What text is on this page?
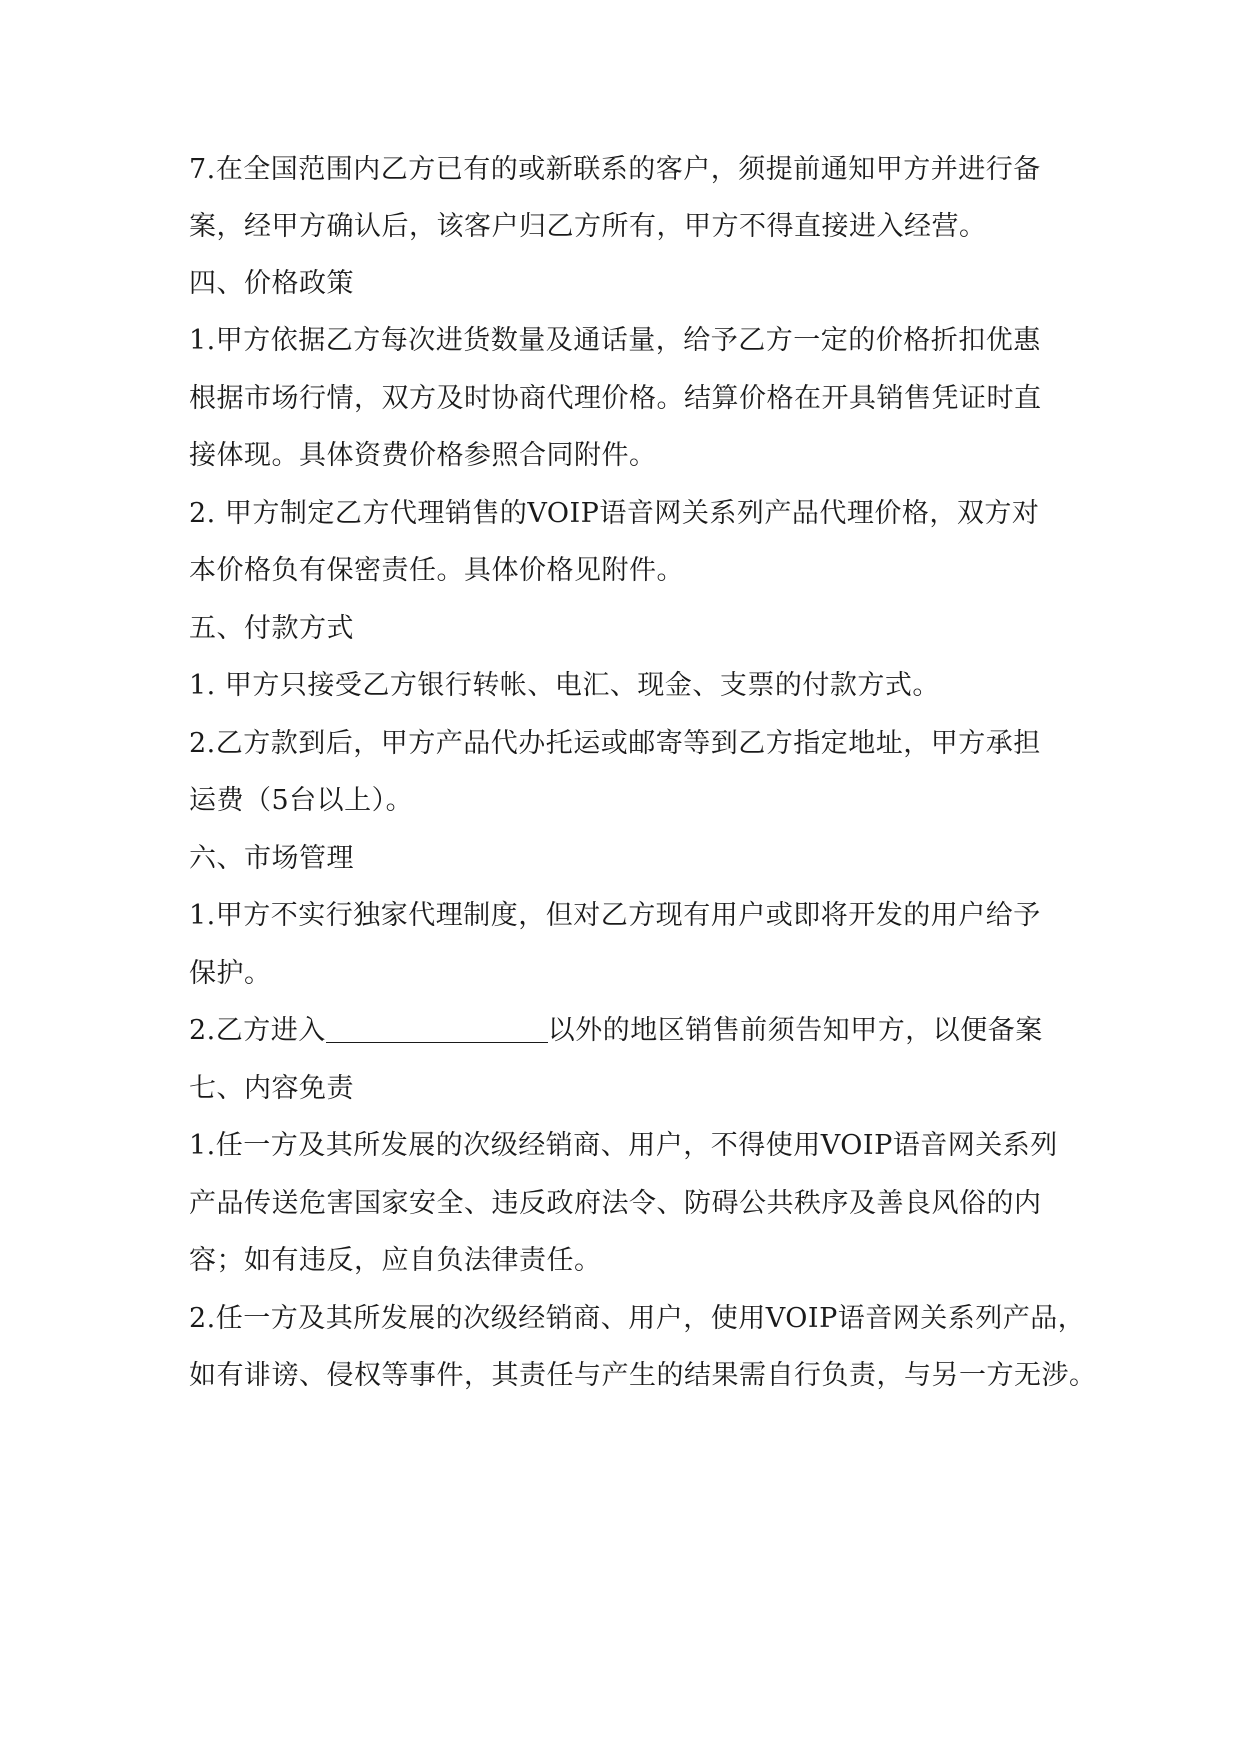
7.在全国范围内乙方已有的或新联系的客户，须提前通知甲方并进行备
案，经甲方确认后，该客户归乙方所有，甲方不得直接进入经营。
四、价格政策
1.甲方依据乙方每次进货数量及通话量，给予乙方一定的价格折扣优惠
根据市场行情，双方及时协商代理价格。结算价格在开具销售凭证时直
接体现。具体资费价格参照合同附件。
2. 甲方制定乙方代理销售的VOIP语音网关系列产品代理价格，双方对
本价格负有保密责任。具体价格见附件。
五、付款方式
1. 甲方只接受乙方银行转帐、电汇、现金、支票的付款方式。
2.乙方款到后，甲方产品代办托运或邮寄等到乙方指定地址，甲方承担
运费（5台以上）。
六、市场管理
1.甲方不实行独家代理制度，但对乙方现有用户或即将开发的用户给予
保护。
2.乙方进入	以外的地区销售前须告知甲方，以便备案
七、内容免责
1.任一方及其所发展的次级经销商、用户，不得使用VOIP语音网关系列
产品传送危害国家安全、违反政府法令、防碍公共秩序及善良风俗的内
容；如有违反，应自负法律责任。
2.任一方及其所发展的次级经销商、用户，使用VOIP语音网关系列产品，
如有诽谤、侵权等事件，其责任与产生的结果需自行负责，与另一方无涉。
